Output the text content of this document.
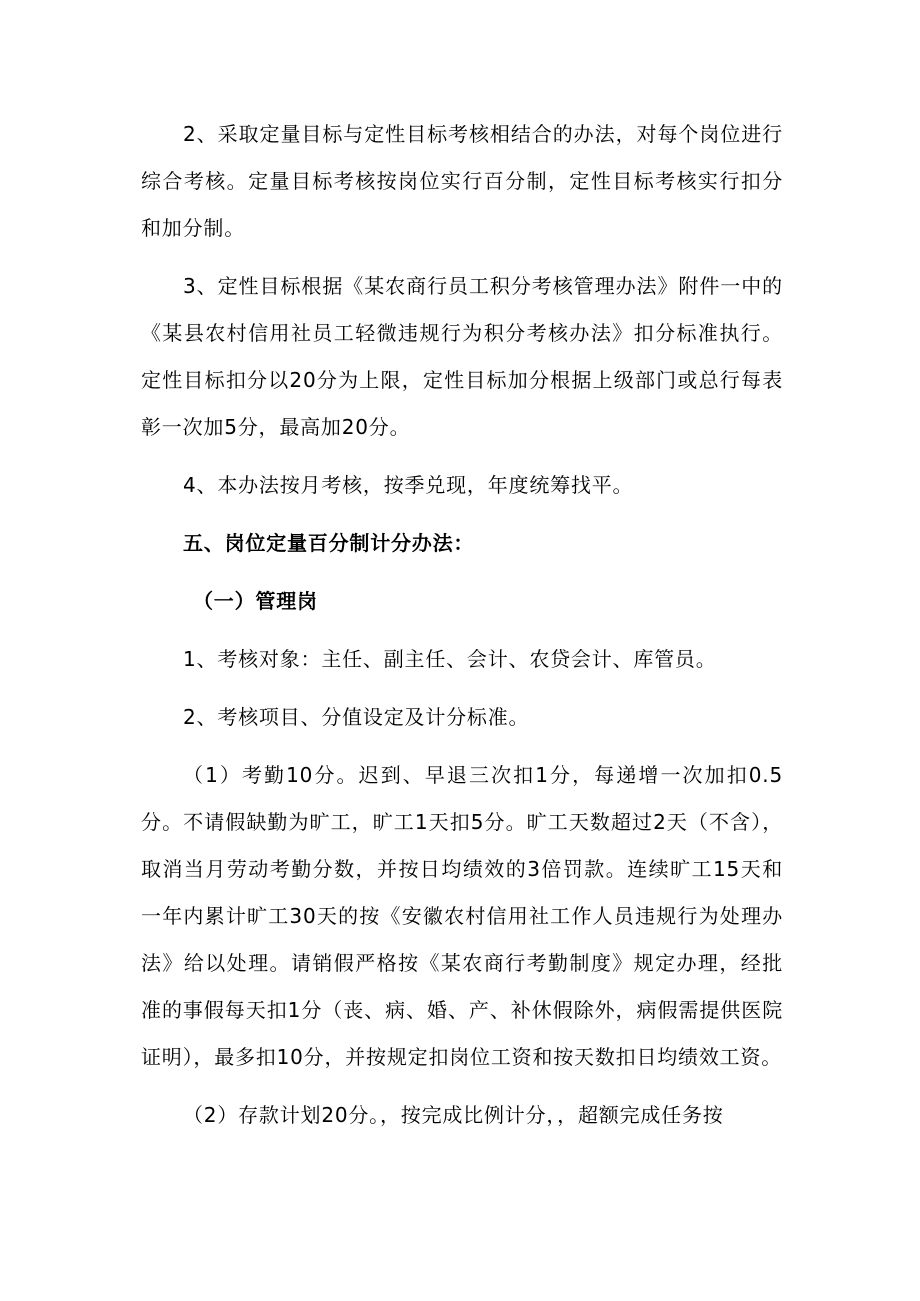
2、采取定量目标与定性目标考核相结合的办法，对每个岗位进行综合考核。定量目标考核按岗位实行百分制，定性目标考核实行扣分和加分制。

3、定性目标根据《某农商行员工积分考核管理办法》附件一中的《某县农村信用社员工轻微违规行为积分考核办法》扣分标准执行。定性目标扣分以20分为上限，定性目标加分根据上级部门或总行每表彰一次加5分，最高加20分。

4、本办法按月考核，按季兑现，年度统筹找平。

五、岗位定量百分制计分办法：

（一）管理岗

1、考核对象：主任、副主任、会计、农贷会计、库管员。

2、考核项目、分值设定及计分标准。

（1）考勤10分。迟到、早退三次扣1分，每递增一次加扣0.5分。不请假缺勤为旷工，旷工1天扣5分。旷工天数超过2天（不含），取消当月劳动考勤分数，并按日均绩效的3倍罚款。连续旷工15天和一年内累计旷工30天的按《安徽农村信用社工作人员违规行为处理办法》给以处理。请销假严格按《某农商行考勤制度》规定办理，经批准的事假每天扣1分（丧、病、婚、产、补休假除外，病假需提供医院证明），最多扣10分，并按规定扣岗位工资和按天数扣日均绩效工资。

（2）存款计划20分。，按完成比例计分，，超额完成任务按
